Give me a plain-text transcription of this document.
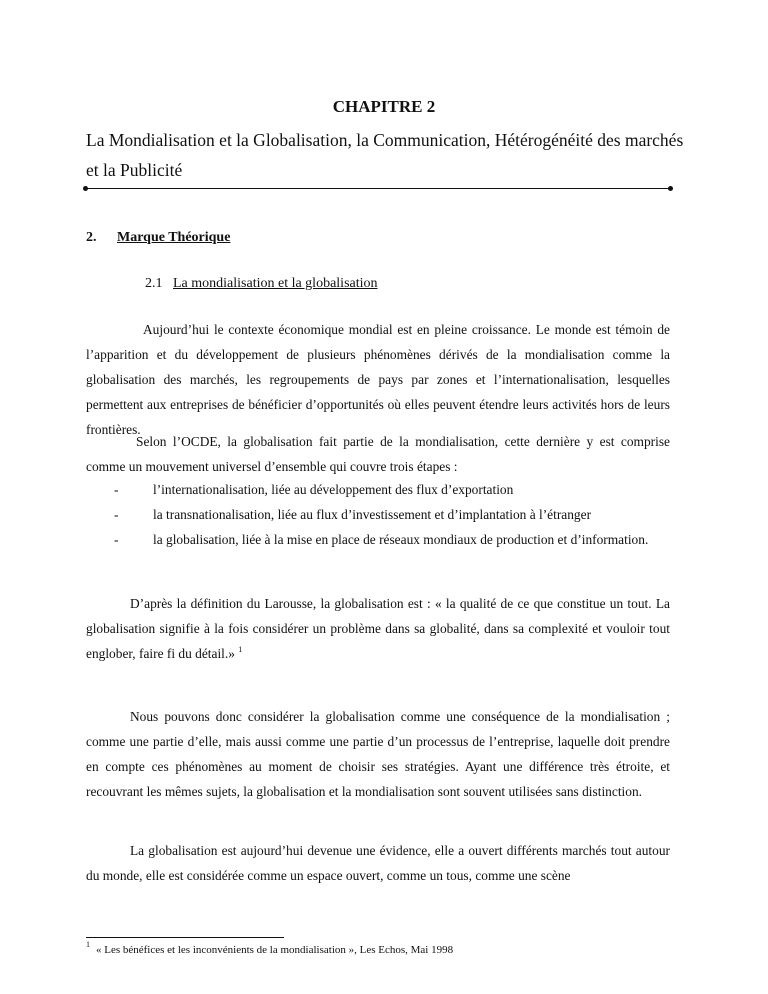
CHAPITRE 2

La Mondialisation et la Globalisation, la Communication, Hétérogénéité des marchés et la Publicité

2. Marque Théorique

2.1 La mondialisation et la globalisation

Aujourd’hui le contexte économique mondial est en pleine croissance. Le monde est témoin de l’apparition et du développement de plusieurs phénomènes dérivés de la mondialisation comme la globalisation des marchés, les regroupements de pays par zones et l’internationalisation, lesquelles permettent aux entreprises de bénéficier d’opportunités où elles peuvent étendre leurs activités hors de leurs frontières.

Selon l’OCDE, la globalisation fait partie de la mondialisation, cette dernière y est comprise comme un mouvement universel d’ensemble qui couvre trois étapes :

-	l’internationalisation, liée au développement des flux d’exportation
-	la transnationalisation, liée au flux d’investissement et d’implantation à l’étranger
-	la globalisation, liée à la mise en place de réseaux mondiaux de production et d’information.

D’après la définition du Larousse, la globalisation est : « la qualité de ce que constitue un tout. La globalisation signifie à la fois considérer un problème dans sa globalité, dans sa complexité et vouloir tout englober, faire fi du détail.» $^1$

Nous pouvons donc considérer la globalisation comme une conséquence de la mondialisation ; comme une partie d’elle, mais aussi comme une partie d’un processus de l’entreprise, laquelle doit prendre en compte ces phénomènes au moment de choisir ses stratégies. Ayant une différence très étroite, et recouvrant les mêmes sujets, la globalisation et la mondialisation sont souvent utilisées sans distinction.

La globalisation est aujourd’hui devenue une évidence, elle a ouvert différents marchés tout autour du monde, elle est considérée comme un espace ouvert, comme un tous, comme une scène

$^1$ « Les bénéfices et les inconvénients de la mondialisation », Les Echos, Mai 1998
